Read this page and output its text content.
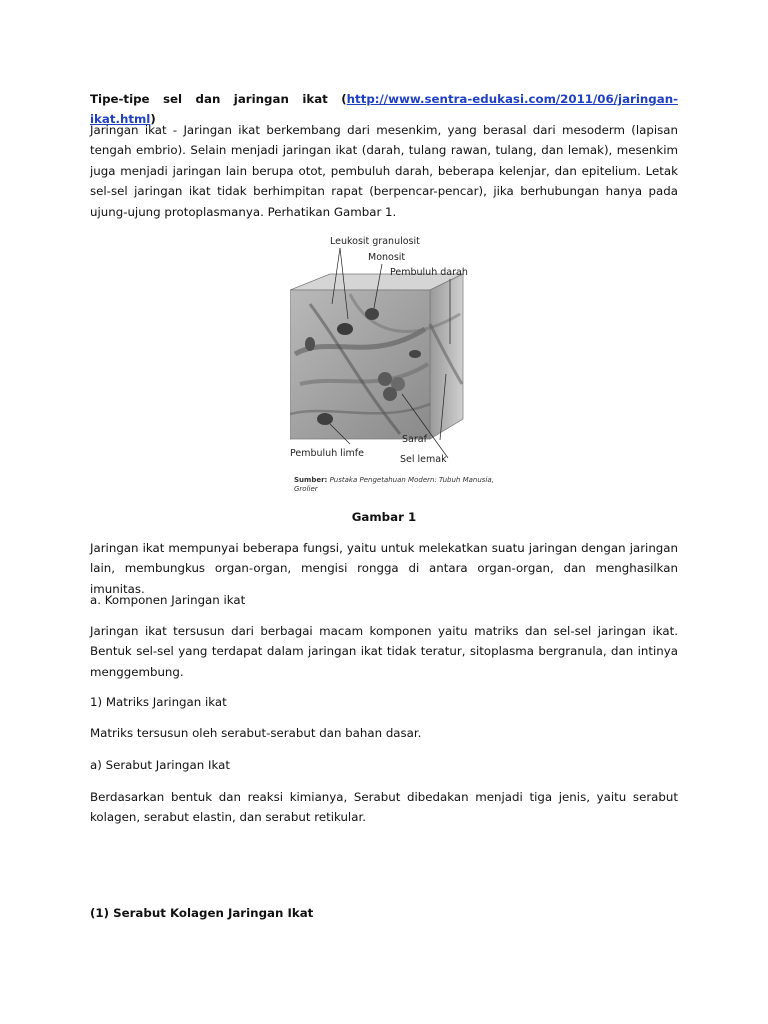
Tipe-tipe sel dan jaringan ikat (http://www.sentra-edukasi.com/2011/06/jaringan-ikat.html)

Jaringan ikat - Jaringan ikat berkembang dari mesenkim, yang berasal dari mesoderm (lapisan tengah embrio). Selain menjadi jaringan ikat (darah, tulang rawan, tulang, dan lemak), mesenkim juga menjadi jaringan lain berupa otot, pembuluh darah, beberapa kelenjar, dan epitelium. Letak sel-sel jaringan ikat tidak berhimpitan rapat (berpencar-pencar), jika berhubungan hanya pada ujung-ujung protoplasmanya. Perhatikan Gambar 1.

Leukosit granulosit
Monosit
Pembuluh darah
Pembuluh limfe
Saraf
Sel lemak
Sumber: Pustaka Pengetahuan Modern: Tubuh Manusia, Grolier

Gambar 1

Jaringan ikat mempunyai beberapa fungsi, yaitu untuk melekatkan suatu jaringan dengan jaringan lain, membungkus organ-organ, mengisi rongga di antara organ-organ, dan menghasilkan imunitas.

a. Komponen Jaringan ikat

Jaringan ikat tersusun dari berbagai macam komponen yaitu matriks dan sel-sel jaringan ikat. Bentuk sel-sel yang terdapat dalam jaringan ikat tidak teratur, sitoplasma bergranula, dan intinya menggembung.

1) Matriks Jaringan ikat

Matriks tersusun oleh serabut-serabut dan bahan dasar.

a) Serabut Jaringan Ikat

Berdasarkan bentuk dan reaksi kimianya, Serabut dibedakan menjadi tiga jenis, yaitu serabut kolagen, serabut elastin, dan serabut retikular.

(1) Serabut Kolagen Jaringan Ikat
